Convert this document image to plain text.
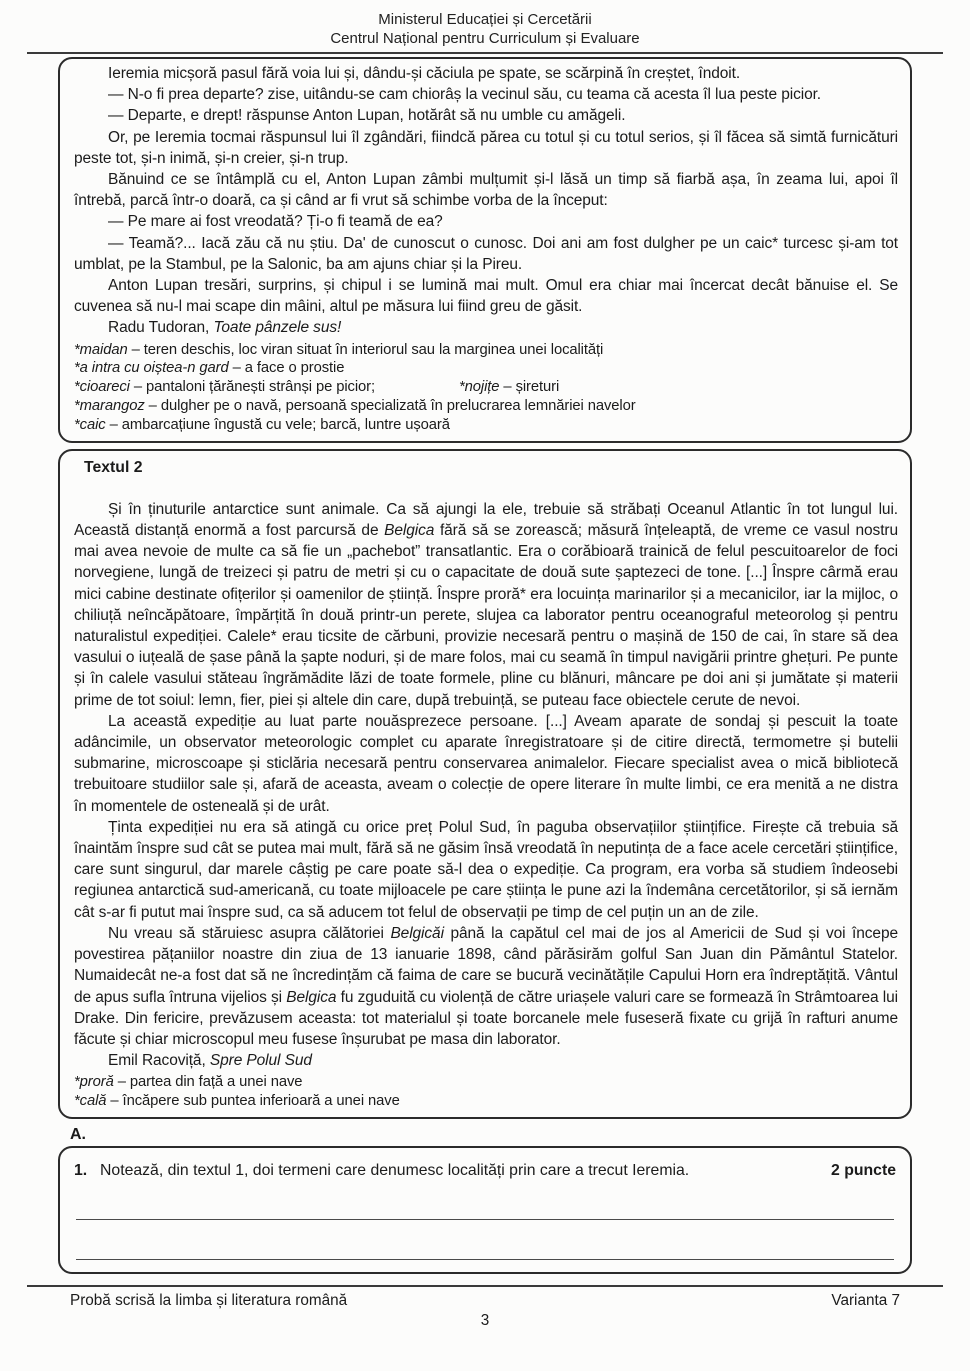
Ministerul Educației și Cercetării
Centrul Național pentru Curriculum și Evaluare

Ieremia micșoră pasul fără voia lui și, dându-și căciula pe spate, se scărpină în creștet, îndoit.

— N-o fi prea departe? zise, uitându-se cam chiorâș la vecinul său, cu teama că acesta îl lua peste picior.

— Departe, e drept! răspunse Anton Lupan, hotărât să nu umble cu amăgeli.

Or, pe Ieremia tocmai răspunsul lui îl zgândări, fiindcă părea cu totul și cu totul serios, și îl făcea să simtă furnicături peste tot, și-n inimă, și-n creier, și-n trup.

Bănuind ce se întâmplă cu el, Anton Lupan zâmbi mulțumit și-l lăsă un timp să fiarbă așa, în zeama lui, apoi îl întrebă, parcă într-o doară, ca și când ar fi vrut să schimbe vorba de la început:

— Pe mare ai fost vreodată? Ți-o fi teamă de ea?

— Teamă?... Iacă zău că nu știu. Da' de cunoscut o cunosc. Doi ani am fost dulgher pe un caic* turcesc și-am tot umblat, pe la Stambul, pe la Salonic, ba am ajuns chiar și la Pireu.

Anton Lupan tresări, surprins, și chipul i se lumină mai mult. Omul era chiar mai încercat decât bănuise el. Se cuvenea să nu-l mai scape din mâini, altul pe măsura lui fiind greu de găsit.

Radu Tudoran, Toate pânzele sus!

*maidan – teren deschis, loc viran situat în interiorul sau la marginea unei localități
*a intra cu oiștea-n gard – a face o prostie
*cioareci – pantaloni țărănești strânși pe picior;	*nojițe – șireturi
*marangoz – dulgher pe o navă, persoană specializată în prelucrarea lemnăriei navelor
*caic – ambarcațiune îngustă cu vele; barcă, luntre ușoară
Textul 2

Și în ținuturile antarctice sunt animale. Ca să ajungi la ele, trebuie să străbați Oceanul Atlantic în tot lungul lui. Această distanță enormă a fost parcursă de Belgica fără să se zorească; măsură înțeleaptă, de vreme ce vasul nostru mai avea nevoie de multe ca să fie un „pachebot” transatlantic. Era o corăbioară trainică de felul pescuitoarelor de foci norvegiene, lungă de treizeci și patru de metri și cu o capacitate de două sute șaptezeci de tone. [...] Înspre cârmă erau mici cabine destinate ofițerilor și oamenilor de știință. Înspre proră* era locuința marinarilor și a mecanicilor, iar la mijloc, o chiliuță neîncăpătoare, împărțită în două printr-un perete, slujea ca laborator pentru oceanograful meteorolog și pentru naturalistul expediției. Calele* erau ticsite de cărbuni, provizie necesară pentru o mașină de 150 de cai, în stare să dea vasului o iuțeală de șase până la șapte noduri, și de mare folos, mai cu seamă în timpul navigării printre ghețuri. Pe punte și în calele vasului stăteau îngrămădite lăzi de toate formele, pline cu blănuri, mâncare pe doi ani și jumătate și materii prime de tot soiul: lemn, fier, piei și altele din care, după trebuință, se puteau face obiectele cerute de nevoi.

La această expediție au luat parte nouăsprezece persoane. [...] Aveam aparate de sondaj și pescuit la toate adâncimile, un observator meteorologic complet cu aparate înregistratoare și de citire directă, termometre și butelii submarine, microscoape și sticlăria necesară pentru conservarea animalelor. Fiecare specialist avea o mică bibliotecă trebuitoare studiilor sale și, afară de aceasta, aveam o colecție de opere literare în multe limbi, ce era menită a ne distra în momentele de osteneală și de urât.

Ținta expediției nu era să atingă cu orice preț Polul Sud, în paguba observațiilor științifice. Firește că trebuia să înaintăm înspre sud cât se putea mai mult, fără să ne găsim însă vreodată în neputința de a face acele cercetări științifice, care sunt singurul, dar marele câștig pe care poate să-l dea o expediție. Ca program, era vorba să studiem îndeosebi regiunea antarctică sud-americană, cu toate mijloacele pe care știința le pune azi la îndemâna cercetătorilor, și să iernăm cât s-ar fi putut mai înspre sud, ca să aducem tot felul de observații pe timp de cel puțin un an de zile.

Nu vreau să stăruiesc asupra călătoriei Belgicăi până la capătul cel mai de jos al Americii de Sud și voi începe povestirea pățaniilor noastre din ziua de 13 ianuarie 1898, când părăsirăm golful San Juan din Pământul Statelor. Numaidecât ne-a fost dat să ne încredințăm că faima de care se bucură vecinătățile Capului Horn era îndreptățită. Vântul de apus sufla întruna vijelios și Belgica fu zguduită cu violență de către uriașele valuri care se formează în Strâmtoarea lui Drake. Din fericire, prevăzusem aceasta: tot materialul și toate borcanele mele fuseseră fixate cu grijă în rafturi anume făcute și chiar microscopul meu fusese înșurubat pe masa din laborator.

Emil Racoviță, Spre Polul Sud

*proră – partea din față a unei nave
*cală – încăpere sub puntea inferioară a unei nave
A.
1. Notează, din textul 1, doi termeni care denumesc localități prin care a trecut Ieremia.	2 puncte
Probă scrisă la limba și literatura română	Varianta 7
3
